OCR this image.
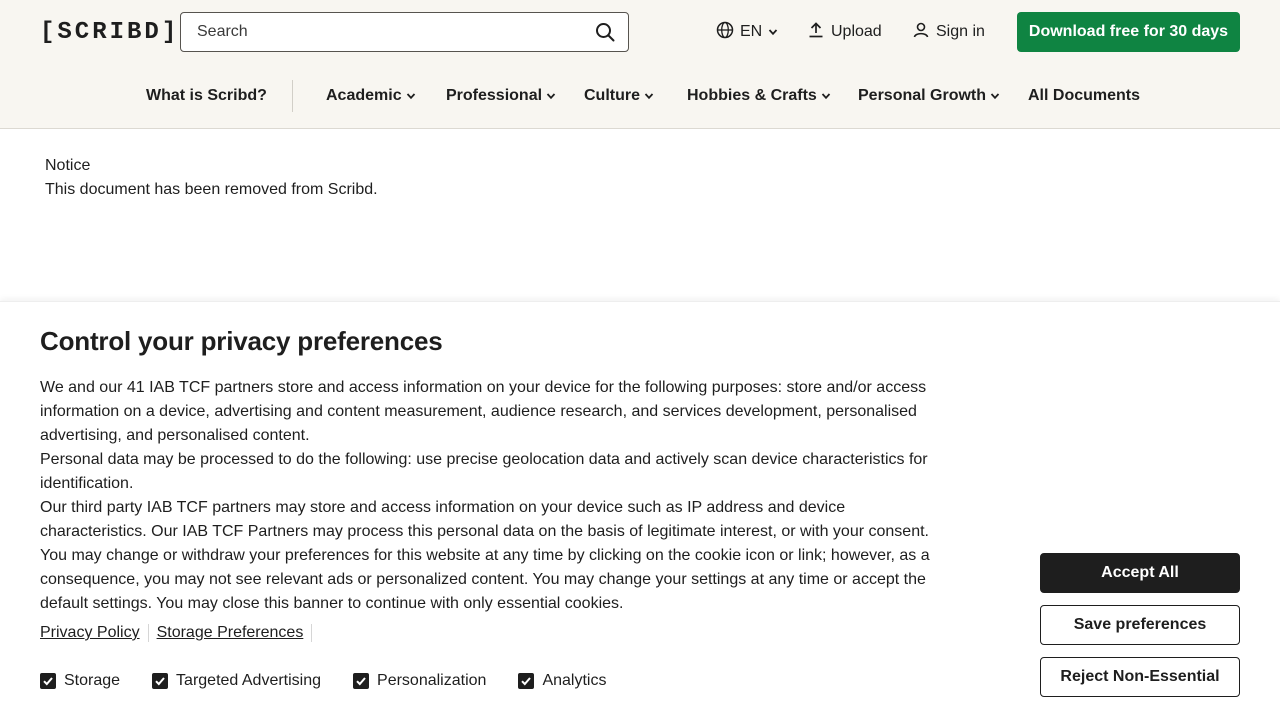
[ SCRIBD ]
Search	EN	Upload	Sign in	Download free for 30 days
What is Scribd?	Academic	Professional	Culture	Hobbies & Crafts	Personal Growth	All Documents
Notice
This document has been removed from Scribd.
Control your privacy preferences

We and our 41 IAB TCF partners store and access information on your device for the following purposes: store and/or access information on a device, advertising and content measurement, audience research, and services development, personalised advertising, and personalised content.

Personal data may be processed to do the following: use precise geolocation data and actively scan device characteristics for identification.

Our third party IAB TCF partners may store and access information on your device such as IP address and device characteristics. Our IAB TCF Partners may process this personal data on the basis of legitimate interest, or with your consent. You may change or withdraw your preferences for this website at any time by clicking on the cookie icon or link; however, as a consequence, you may not see relevant ads or personalized content. You may change your settings at any time or accept the default settings. You may close this banner to continue with only essential cookies.

Privacy Policy Storage Preferences
Storage	Targeted Advertising	Personalization	Analytics
Accept All
Save preferences
Reject Non-Essential
